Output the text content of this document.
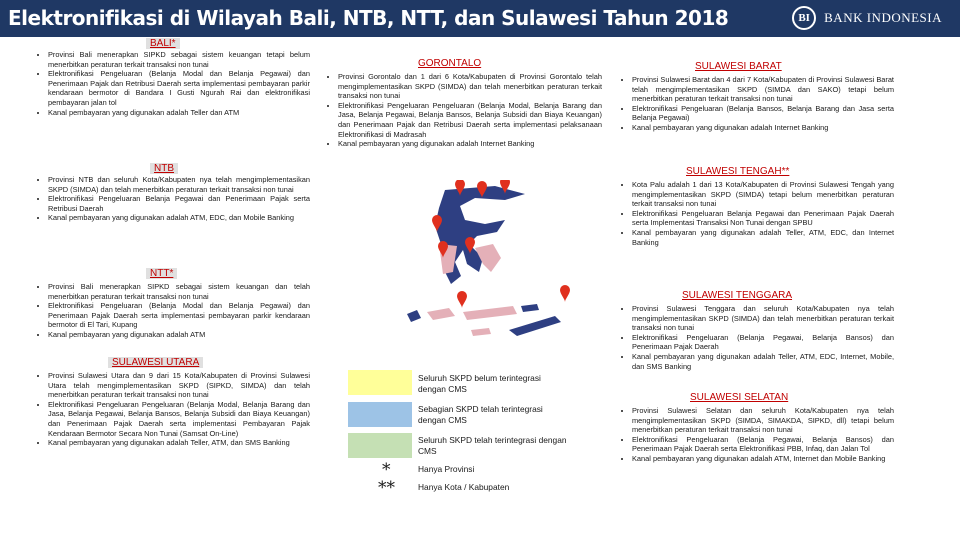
Elektronifikasi di Wilayah Bali, NTB, NTT, dan Sulawesi Tahun 2018	BI	BANK INDONESIA
BALI*
• Provinsi Bali menerapkan SIPKD sebagai sistem keuangan tetapi belum menerbitkan peraturan terkait transaksi non tunai
• Elektronifikasi Pengeluaran (Belanja Modal dan Belanja Pegawai) dan Penerimaan Pajak dan Retribusi Daerah serta implementasi pembayaran parkir kendaraan bermotor di Bandara I Gusti Ngurah Rai dan elektronifikasi pembayaran jalan tol
• Kanal pembayaran yang digunakan adalah Teller dan ATM
NTB
• Provinsi NTB dan seluruh Kota/Kabupaten nya telah mengimplementasikan SKPD (SIMDA) dan telah menerbitkan peraturan terkait transaksi non tunai
• Elektronifikasi Pengeluaran Belanja Pegawai dan Penerimaan Pajak serta Retribusi Daerah
• Kanal pembayaran yang digunakan adalah ATM, EDC, dan Mobile Banking
NTT*
• Provinsi Bali menerapkan SIPKD sebagai sistem keuangan dan telah menerbitkan peraturan terkait transaksi non tunai
• Elektronifikasi Pengeluaran (Belanja Modal dan Belanja Pegawai) dan Penerimaan Pajak Daerah serta implementasi pembayaran parkir kendaraan bermotor di El Tari, Kupang
• Kanal pembayaran yang digunakan adalah ATM
SULAWESI UTARA
• Provinsi Sulawesi Utara dan 9 dari 15 Kota/Kabupaten di Provinsi Sulawesi Utara telah mengimplementasikan SKPD (SIPKD, SIMDA) dan telah menerbitkan peraturan terkait transaksi non tunai
• Elektronifikasi Pengeluaran Pengeluaran (Belanja Modal, Belanja Barang dan Jasa, Belanja Pegawai, Belanja Bansos, Belanja Subsidi dan Biaya Keuangan) dan Penerimaan Pajak Daerah serta implementasi Pembayaran Pajak Kendaraan Bermotor Secara Non Tunai (Samsat On-Line)
• Kanal pembayaran yang digunakan adalah Teller, ATM, dan SMS Banking
GORONTALO
• Provinsi Gorontalo dan 1 dari 6 Kota/Kabupaten di Provinsi Gorontalo telah mengimplementasikan SKPD (SIMDA) dan telah menerbitkan peraturan terkait transaksi non tunai
• Elektronifikasi Pengeluaran Pengeluaran (Belanja Modal, Belanja Barang dan Jasa, Belanja Pegawai, Belanja Bansos, Belanja Subsidi dan Biaya Keuangan) dan Penerimaan Pajak dan Retribusi Daerah serta implementasi pelaksanaan Elektronifikasi di Madrasah
• Kanal pembayaran yang digunakan adalah Internet Banking
Seluruh SKPD belum terintegrasi dengan CMS
Sebagian SKPD telah terintegrasi dengan CMS
Seluruh SKPD telah terintegrasi dengan CMS
*	Hanya Provinsi
**	Hanya Kota / Kabupaten
SULAWESI BARAT
• Provinsi Sulawesi Barat dan 4 dari 7 Kota/Kabupaten di Provinsi Sulawesi Barat telah mengimplementasikan SKPD (SIMDA dan SAKO) tetapi belum menerbitkan peraturan terkait transaksi non tunai
• Elektronifikasi Pengeluaran (Belanja Bansos, Belanja Barang dan Jasa serta Belanja Pegawai)
• Kanal pembayaran yang digunakan adalah Internet Banking
SULAWESI TENGAH**
• Kota Palu adalah 1 dari 13 Kota/Kabupaten di Provinsi Sulawesi Tengah yang mengimplementasikan SKPD (SIMDA) tetapi belum menerbitkan peraturan terkait transaksi non tunai
• Elektronifikasi Pengeluaran Belanja Pegawai dan Penerimaan Pajak Daerah serta Implementasi Transaksi Non Tunai dengan SPBU
• Kanal pembayaran yang digunakan adalah Teller, ATM, EDC, dan Internet Banking
SULAWESI TENGGARA
• Provinsi Sulawesi Tenggara dan seluruh Kota/Kabupaten nya telah mengimplementasikan SKPD (SIMDA) dan telah menerbitkan peraturan terkait transaksi non tunai
• Elektronifikasi Pengeluaran (Belanja Pegawai, Belanja Bansos) dan Penerimaan Pajak Daerah
• Kanal pembayaran yang digunakan adalah Teller, ATM, EDC, Internet, Mobile, dan SMS Banking
SULAWESI SELATAN
• Provinsi Sulawesi Selatan dan seluruh Kota/Kabupaten nya telah mengimplementasikan SKPD (SIMDA, SIMAKDA, SIPKD, dll) tetapi belum menerbitkan peraturan terkait transaksi non tunai
• Elektronifikasi Pengeluaran (Belanja Pegawai, Belanja Bansos) dan Penerimaan Pajak Daerah serta Elektronifikasi PBB, Infaq, dan Jalan Tol
• Kanal pembayaran yang digunakan adalah ATM, Internet dan Mobile Banking
